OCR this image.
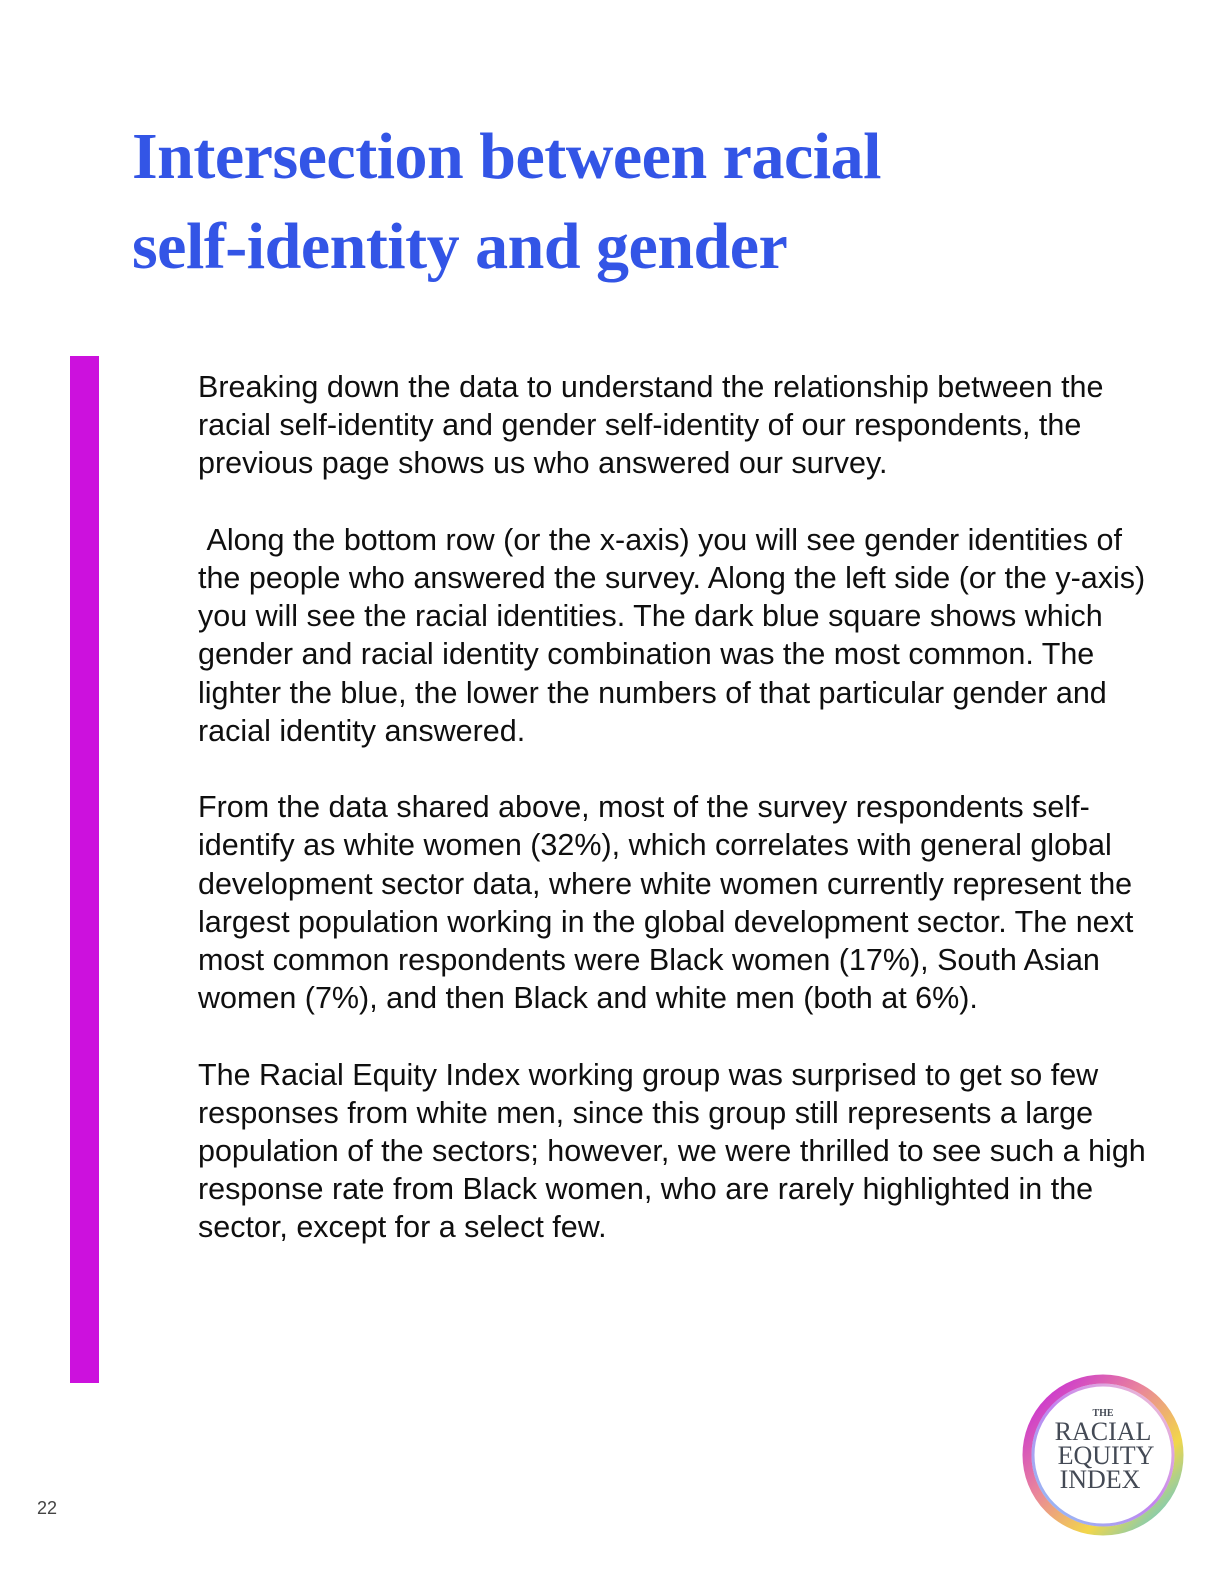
Intersection between racial
self-identity and gender

Breaking down the data to understand the relationship between the racial self-identity and gender self-identity of our respondents, the previous page shows us who answered our survey.

Along the bottom row (or the x-axis) you will see gender identities of the people who answered the survey. Along the left side (or the y-axis) you will see the racial identities. The dark blue square shows which gender and racial identity combination was the most common. The lighter the blue, the lower the numbers of that particular gender and racial identity answered.

From the data shared above, most of the survey respondents self-identify as white women (32%), which correlates with general global development sector data, where white women currently represent the largest population working in the global development sector. The next most common respondents were Black women (17%), South Asian women (7%), and then Black and white men (both at 6%).

The Racial Equity Index working group was surprised to get so few responses from white men, since this group still represents a large population of the sectors; however, we were thrilled to see such a high response rate from Black women, who are rarely highlighted in the sector, except for a select few.

22
THE
RACIAL
EQUITY
INDEX
